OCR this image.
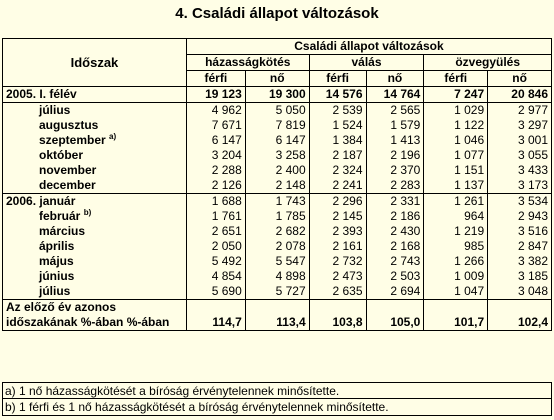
4. Családi állapot változások
Időszak	Családi állapot változások					
	házasságkötés		válás		özvegyülés	
	férfi	nő	férfi	nő	férfi	nő
2005. I. félév	19 123	19 300	14 576	14 764	7 247	20 846
július	4 962	5 050	2 539	2 565	1 029	2 977
augusztus	7 671	7 819	1 524	1 579	1 122	3 297
szeptember $^{a)}$	6 147	6 147	1 384	1 413	1 046	3 001
október	3 204	3 258	2 187	2 196	1 077	3 055
november	2 288	2 400	2 324	2 370	1 151	3 433
december	2 126	2 148	2 241	2 283	1 137	3 173
2006. január	1 688	1 743	2 296	2 331	1 261	3 534
február $^{b)}$	1 761	1 785	2 145	2 186	964	2 943
március	2 651	2 682	2 393	2 430	1 219	3 516
április	2 050	2 078	2 161	2 168	985	2 847
május	5 492	5 547	2 732	2 743	1 266	3 382
június	4 854	4 898	2 473	2 503	1 009	3 185
július	5 690	5 727	2 635	2 694	1 047	3 048

Az előző év azonos
időszakának %-ában %-ában	114,7	113,4	103,8	105,0	101,7	102,4
a) 1 nő házasságkötését a bíróság érvénytelennek minősítette.
b) 1 férfi és 1 nő házasságkötését a bíróság érvénytelennek minősítette.
